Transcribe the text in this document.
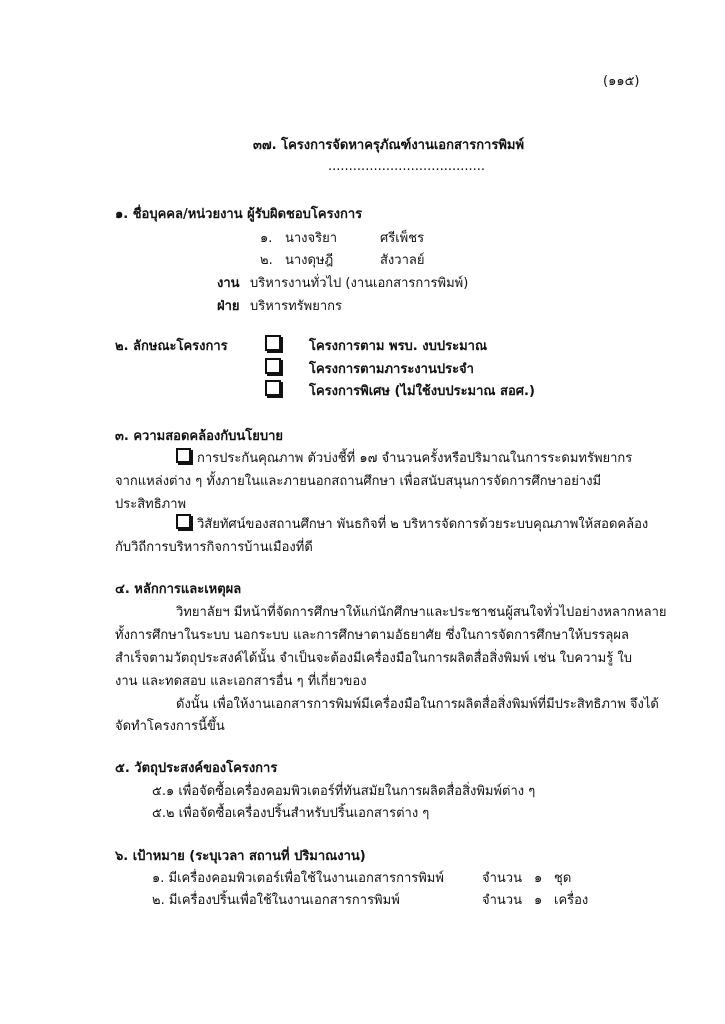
(๑๑๕)
๓๗. โครงการจัดหาครุภัณฑ์งานเอกสารการพิมพ์
......................................
๑. ชื่อบุคคล/หน่วยงาน ผู้รับผิดชอบโครงการ
๑. นางจริยา	ศรีเพ็ชร
๒. นางดุษฎี	สังวาลย์
งาน บริหารงานทั่วไป (งานเอกสารการพิมพ์)
ฝ่าย บริหารทรัพยากร
๒. ลักษณะโครงการ	โครงการตาม พรบ. งบประมาณ
โครงการตามภาระงานประจำ
โครงการพิเศษ (ไม่ใช้งบประมาณ สอศ.)
๓. ความสอดคล้องกับนโยบาย
การประกันคุณภาพ ตัวบ่งชี้ที่ ๑๗ จำนวนครั้งหรือปริมาณในการระดมทรัพยากร
จากแหล่งต่าง ๆ ทั้งภายในและภายนอกสถานศึกษา เพื่อสนับสนุนการจัดการศึกษาอย่างมี
ประสิทธิภาพ
วิสัยทัศน์ของสถานศึกษา พันธกิจที่ ๒ บริหารจัดการด้วยระบบคุณภาพให้สอดคล้อง
กับวิถีการบริหารกิจการบ้านเมืองที่ดี
๔. หลักการและเหตุผล
วิทยาลัยฯ มีหน้าที่จัดการศึกษาให้แก่นักศึกษาและประชาชนผู้สนใจทั่วไปอย่างหลากหลาย
ทั้งการศึกษาในระบบ นอกระบบ และการศึกษาตามอัธยาศัย ซึ่งในการจัดการศึกษาให้บรรลุผล
สำเร็จตามวัตถุประสงค์ได้นั้น จำเป็นจะต้องมีเครื่องมือในการผลิตสื่อสิ่งพิมพ์ เช่น ใบความรู้ ใบ
งาน และทดสอบ และเอกสารอื่น ๆ ที่เกี่ยวของ
ดังนั้น เพื่อให้งานเอกสารการพิมพ์มีเครื่องมือในการผลิตสื่อสิ่งพิมพ์ที่มีประสิทธิภาพ จึงได้
จัดทำโครงการนี้ขึ้น
๕. วัตถุประสงค์ของโครงการ
๕.๑ เพื่อจัดซื้อเครื่องคอมพิวเตอร์ที่ทันสมัยในการผลิตสื่อสิ่งพิมพ์ต่าง ๆ
๕.๒ เพื่อจัดซื้อเครื่องปริ้นสำหรับปริ้นเอกสารต่าง ๆ
๖. เป้าหมาย (ระบุเวลา สถานที่ ปริมาณงาน)
๑. มีเครื่องคอมพิวเตอร์เพื่อใช้ในงานเอกสารการพิมพ์	จำนวน ๑ ชุด
๒. มีเครื่องปริ้นเพื่อใช้ในงานเอกสารการพิมพ์	จำนวน ๑ เครื่อง
